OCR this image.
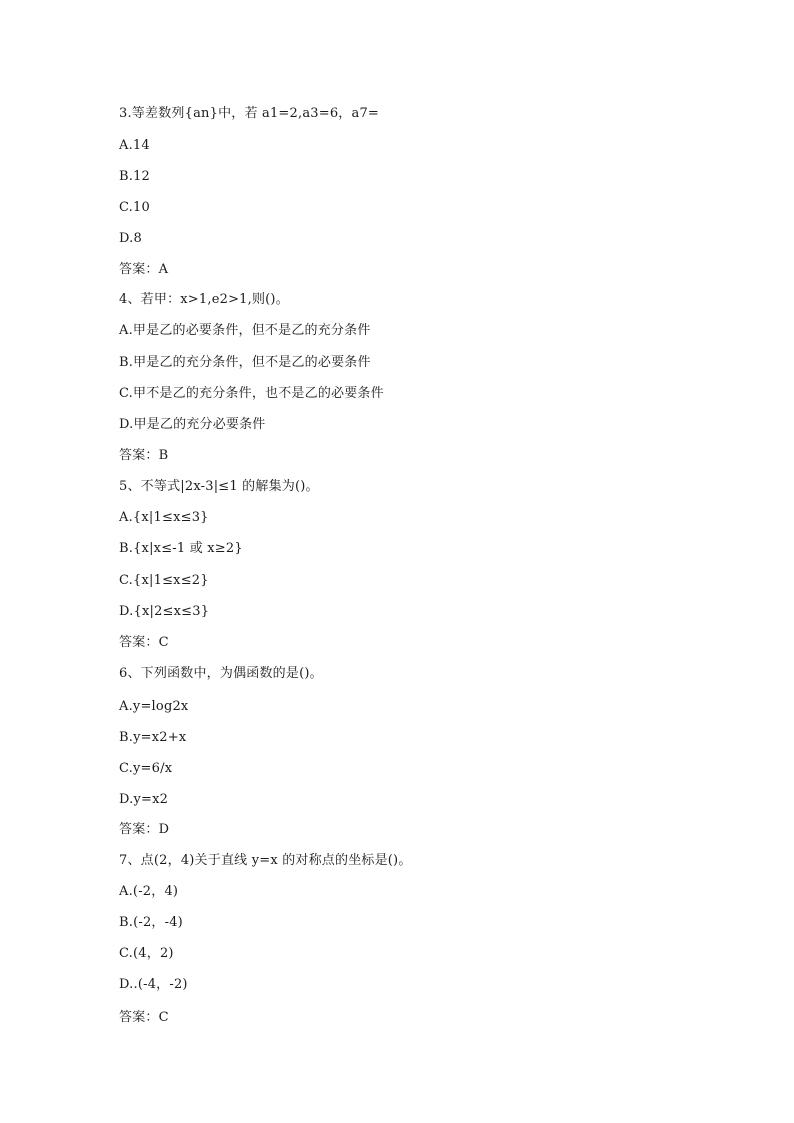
3.等差数列{an}中，若 a1=2,a3=6，a7=
A.14
B.12
C.10
D.8
答案：A
4、若甲：x>1,e2>1,则()。
A.甲是乙的必要条件，但不是乙的充分条件
B.甲是乙的充分条件，但不是乙的必要条件
C.甲不是乙的充分条件，也不是乙的必要条件
D.甲是乙的充分必要条件
答案：B
5、不等式|2x-3|≤1 的解集为()。
A.{x|1≤x≤3}
B.{x|x≤-1 或 x≥2}
C.{x|1≤x≤2}
D.{x|2≤x≤3}
答案：C
6、下列函数中，为偶函数的是()。
A.y=log2x
B.y=x2+x
C.y=6/x
D.y=x2
答案：D
7、点(2，4)关于直线 y=x 的对称点的坐标是()。
A.(-2，4)
B.(-2，-4)
C.(4，2)
D..(-4，-2)
答案：C
